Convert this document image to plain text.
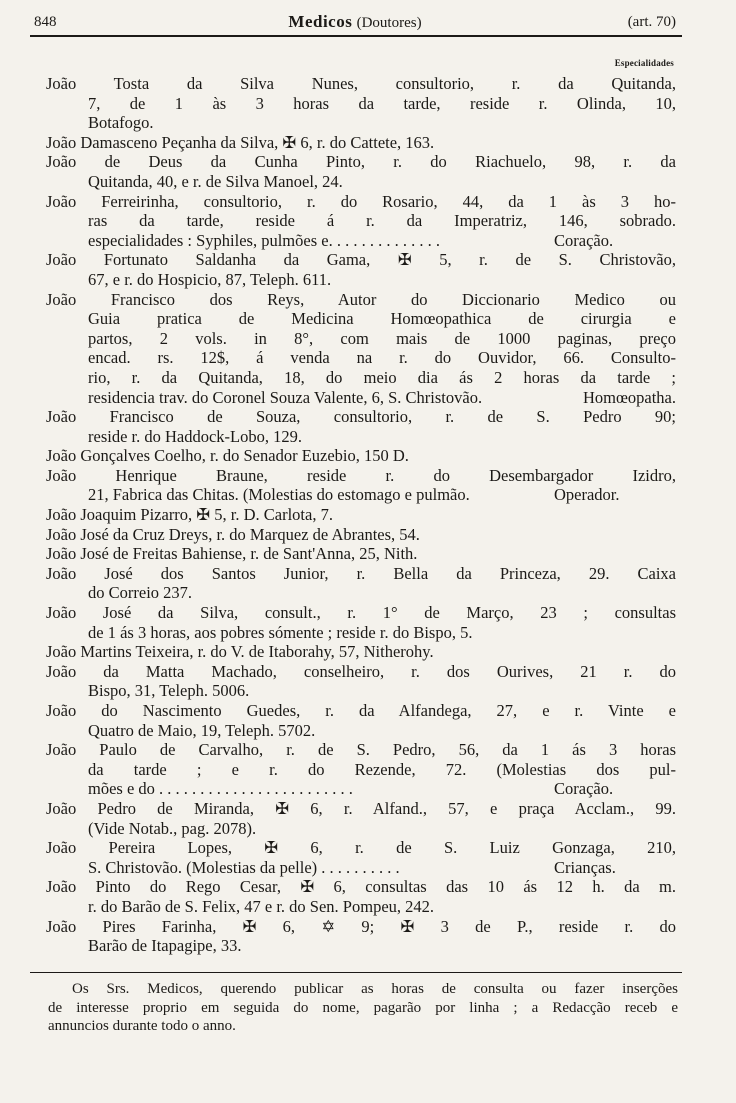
848	Medicos (Doutores)	(art. 70)
Especialidades
João Tosta da Silva Nunes, consultorio, r. da Quitanda,
7, de 1 às 3 horas da tarde, reside r. Olinda, 10,
Botafogo.
João Damasceno Peçanha da Silva, ✠ 6, r. do Cattete, 163.
João de Deus da Cunha Pinto, r. do Riachuelo, 98, r. da
Quitanda, 40, e r. de Silva Manoel, 24.
João Ferreirinha, consultorio, r. do Rosario, 44, da 1 às 3 ho-
ras da tarde, reside á r. da Imperatriz, 146, sobrado.
especialidades : Syphiles, pulmões e. . . . . . . . . . . . . .	Coração.
João Fortunato Saldanha da Gama, ✠ 5, r. de S. Christovão,
67, e r. do Hospicio, 87, Teleph. 611.
João Francisco dos Reys, Autor do Diccionario Medico ou
Guia pratica de Medicina Homœopathica de cirurgia e
partos, 2 vols. in 8°, com mais de 1000 paginas, preço
encad. rs. 12$, á venda na r. do Ouvidor, 66. Consulto-
rio, r. da Quitanda, 18, do meio dia ás 2 horas da tarde ;
residencia trav. do Coronel Souza Valente, 6, S. Christovão.	Homœopatha.
João Francisco de Souza, consultorio, r. de S. Pedro 90;
reside r. do Haddock-Lobo, 129.
João Gonçalves Coelho, r. do Senador Euzebio, 150 D.
João Henrique Braune, reside r. do Desembargador Izidro,
21, Fabrica das Chitas. (Molestias do estomago e pulmão.	Operador.
João Joaquim Pizarro, ✠ 5, r. D. Carlota, 7.
João José da Cruz Dreys, r. do Marquez de Abrantes, 54.
João José de Freitas Bahiense, r. de Sant'Anna, 25, Nith.
João José dos Santos Junior, r. Bella da Princeza, 29. Caixa
do Correio 237.
João José da Silva, consult., r. 1° de Março, 23 ; consultas
de 1 ás 3 horas, aos pobres sómente ; reside r. do Bispo, 5.
João Martins Teixeira, r. do V. de Itaborahy, 57, Nitherohy.
João da Matta Machado, conselheiro, r. dos Ourives, 21 r. do
Bispo, 31, Teleph. 5006.
João do Nascimento Guedes, r. da Alfandega, 27, e r. Vinte e
Quatro de Maio, 19, Teleph. 5702.
João Paulo de Carvalho, r. de S. Pedro, 56, da 1 ás 3 horas
da tarde ; e r. do Rezende, 72. (Molestias dos pul-
mões e do . . . . . . . . . . . . . . . . . . . . . . . .	Coração.
João Pedro de Miranda, ✠ 6, r. Alfand., 57, e praça Acclam., 99.
(Vide Notab., pag. 2078).
João Pereira Lopes, ✠ 6, r. de S. Luiz Gonzaga, 210,
S. Christovão. (Molestias da pelle) . . . . . . . . . .	Crianças.
João Pinto do Rego Cesar, ✠ 6, consultas das 10 ás 12 h. da m.
r. do Barão de S. Felix, 47 e r. do Sen. Pompeu, 242.
João Pires Farinha, ✠ 6, ✡ 9; ✠ 3 de P., reside r. do
Barão de Itapagipe, 33.
Os Srs. Medicos, querendo publicar as horas de consulta ou fazer inserções
de interesse proprio em seguida do nome, pagarão por linha ; a Redacção receb e
annuncios durante todo o anno.
